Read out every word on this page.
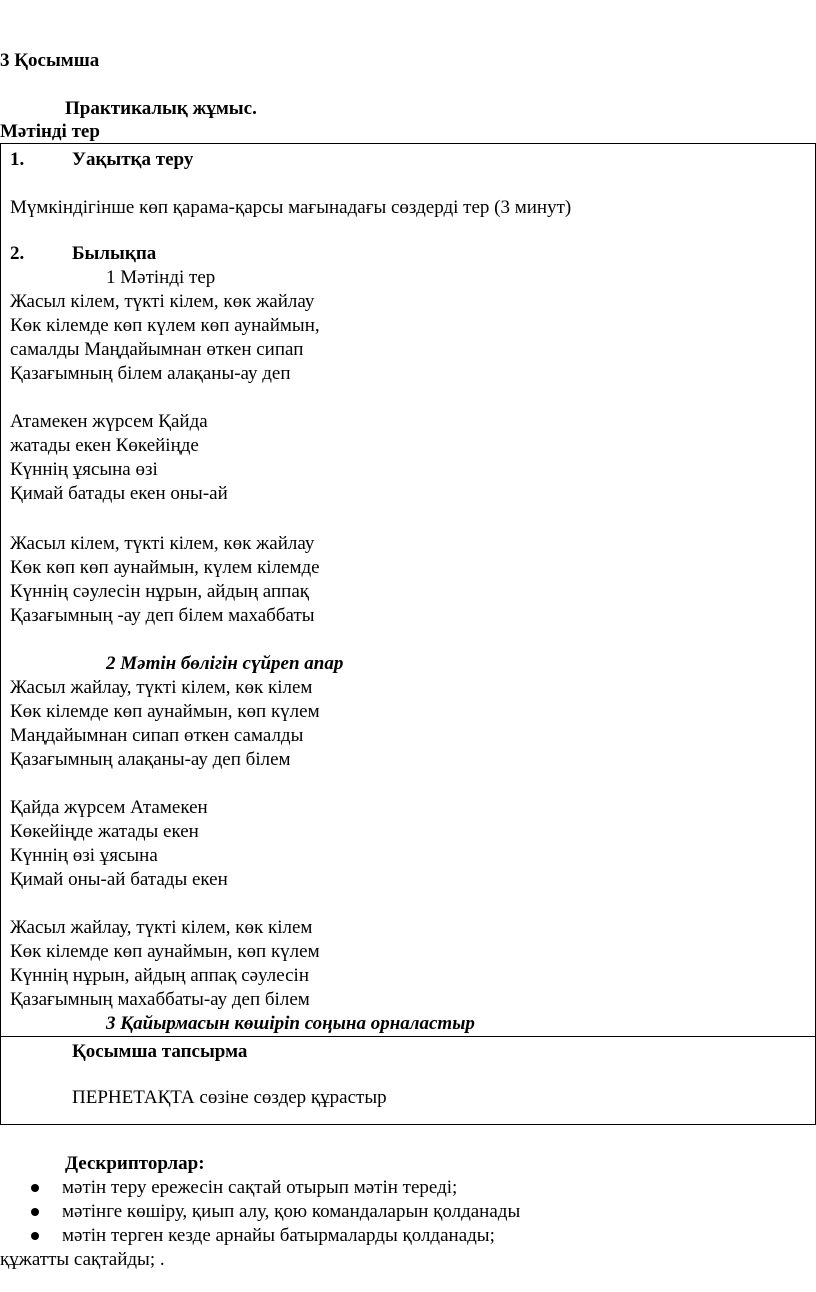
3 Қосымша
Практикалық жұмыс.
Мәтінді тер
1.	Уақытқа теру
Мүмкіндігінше көп қарама-қарсы мағынадағы сөздерді тер (3 минут)
2.	Былықпа
1 Мәтінді тер
Жасыл кілем, түкті кілем, көк жайлау
Көк кілемде көп күлем көп аунаймын,
самалды Маңдайымнан өткен сипап
Қазағымның білем алақаны-ау деп
Атамекен жүрсем Қайда
жатады екен Көкейіңде
Күннің ұясына өзі
Қимай батады екен оны-ай
Жасыл кілем, түкті кілем, көк жайлау
Көк көп көп аунаймын, күлем кілемде
Күннің сәулесін нұрын, айдың аппақ
Қазағымның -ау деп білем махаббаты
2 Мәтін бөлігін сүйреп апар
Жасыл жайлау, түкті кілем, көк кілем
Көк кілемде көп аунаймын, көп күлем
Маңдайымнан сипап өткен самалды
Қазағымның алақаны-ау деп білем
Қайда жүрсем Атамекен
Көкейіңде жатады екен
Күннің өзі ұясына
Қимай оны-ай батады екен
Жасыл жайлау, түкті кілем, көк кілем
Көк кілемде көп аунаймын, көп күлем
Күннің нұрын, айдың аппақ сәулесін
Қазағымның махаббаты-ау деп білем
3 Қайырмасын көшіріп соңына орналастыр
Қосымша тапсырма
ПЕРНЕТАҚТА сөзіне сөздер құрастыр
Дескрипторлар:
мәтін теру ережесін сақтай отырып мәтін тереді;
мәтінге көшіру, қиып алу, қою командаларын қолданады
мәтін терген кезде арнайы батырмаларды қолданады;
құжатты сақтайды; .
